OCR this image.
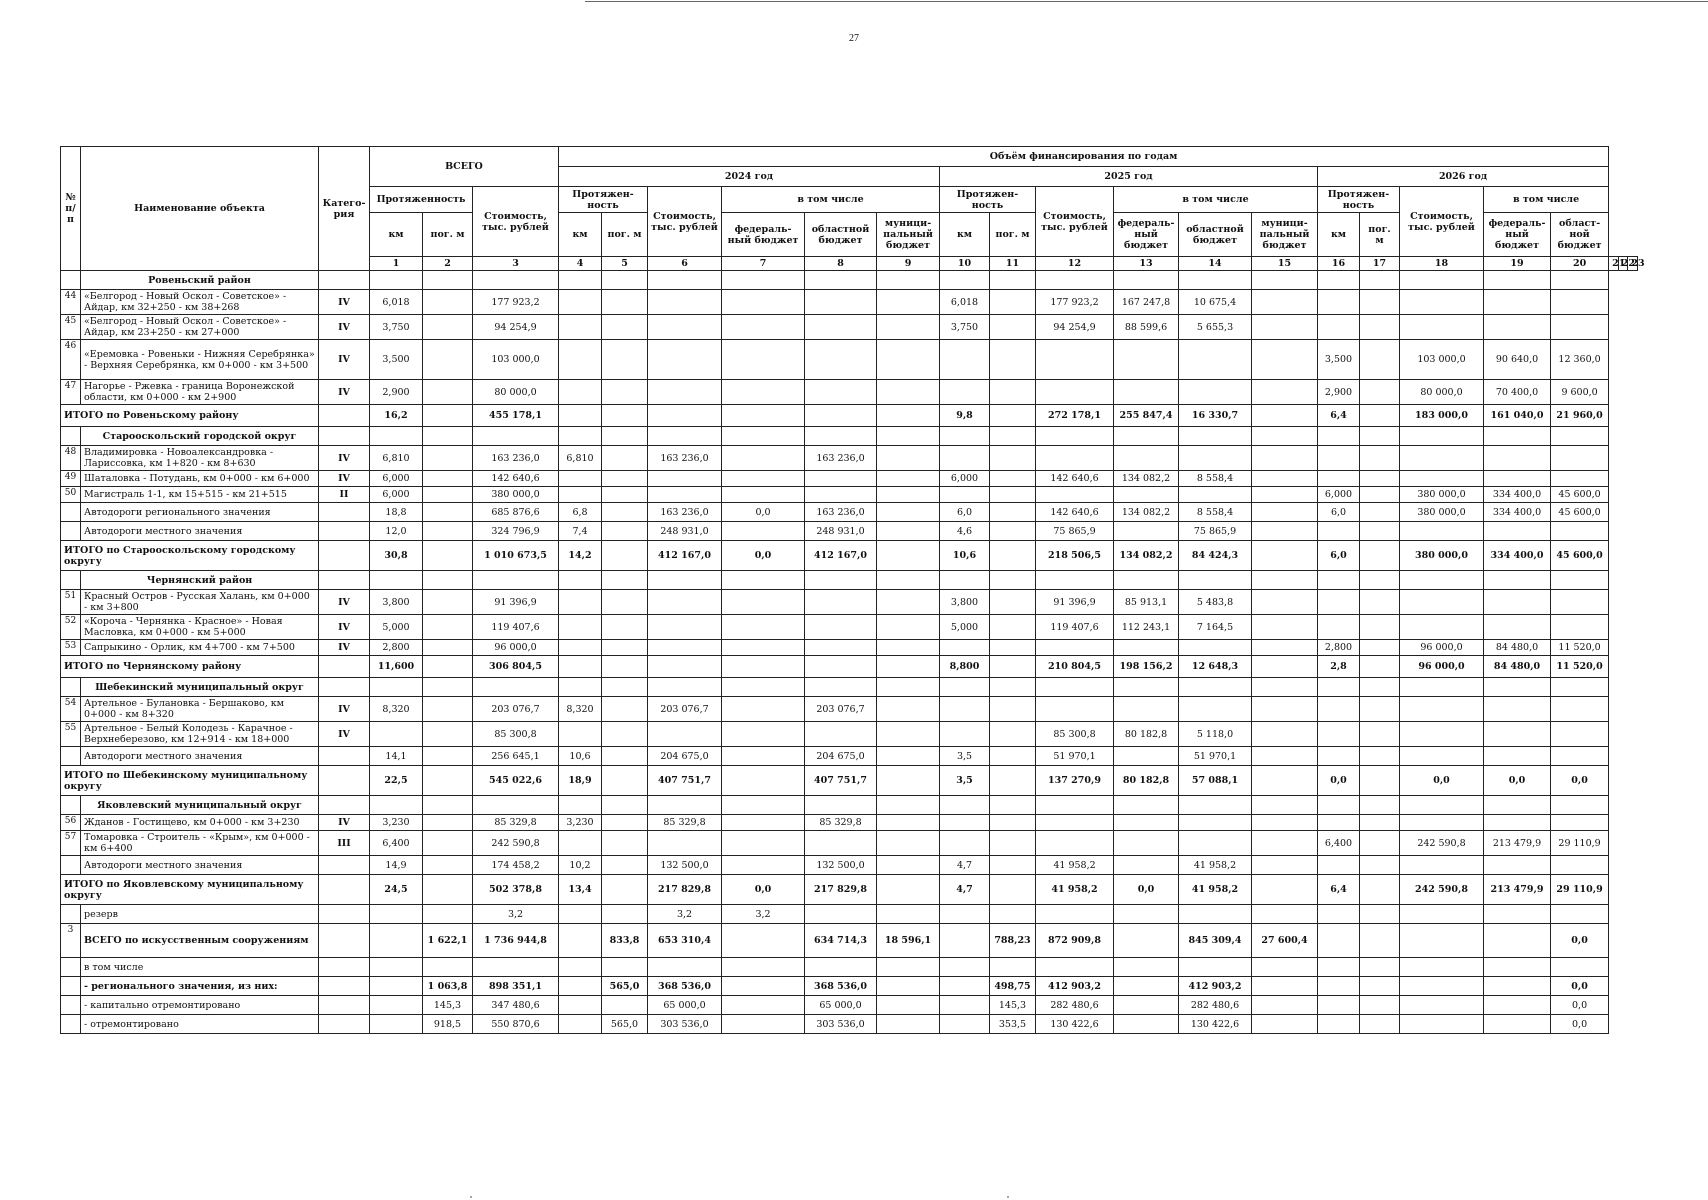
27
№ п/п	Наименование объекта	Катего-рия	ВСЕГО			Объём финансирования по годам																			
						2024 год						2025 год						2026 год							
			Протяженность		Стоимость, тыс. рублей	Протяжен-ность		Стоимость, тыс. рублей	в том числе			Протяжен-ность		Стоимость, тыс. рублей	в том числе			Протяжен-ность		Стоимость, тыс. рублей	в том числе				
			км	пог. м		км	пог. м		федераль-ный бюджет	областной бюджет	муници-пальный бюджет	км	пог. м		федераль-ный бюджет	областной бюджет	муници-пальный бюджет	км	пог. м		федераль-ный бюджет	област-ной бюджет			
			1	2	3	4	5	6	7	8	9	10	11	12	13	14	15	16	17	18	19	20	21	22	23
	Ровеньский район																								
44	«Белгород - Новый Оскол - Советское» - Айдар, км 32+250 - км 38+268	IV	6,018		177 923,2							6,018		177 923,2	167 247,8	10 675,4									
45	«Белгород - Новый Оскол - Советское» - Айдар, км 23+250 - км 27+000	IV	3,750		94 254,9							3,750		94 254,9	88 599,6	5 655,3									
46	«Еремовка - Ровеньки - Нижняя Серебрянка» - Верхняя Серебрянка, км 0+000 - км 3+500	IV	3,500		103 000,0													3,500		103 000,0	90 640,0	12 360,0			
47	Нагорье - Ржевка - граница Воронежской области, км 0+000 - км 2+900	IV	2,900		80 000,0													2,900		80 000,0	70 400,0	9 600,0			
ИТОГО по Ровеньскому району			16,2		455 178,1							9,8		272 178,1	255 847,4	16 330,7		6,4		183 000,0	161 040,0	21 960,0			
	Старооскольский городской округ																								
48	Владимировка - Новоалександровка - Лариссовка, км 1+820 - км 8+630	IV	6,810		163 236,0	6,810		163 236,0		163 236,0															
49	Шаталовка - Потудань, км 0+000 - км 6+000	IV	6,000		142 640,6							6,000		142 640,6	134 082,2	8 558,4									
50	Магистраль 1-1, км 15+515 - км 21+515	II	6,000		380 000,0													6,000		380 000,0	334 400,0	45 600,0			
	Автодороги регионального значения		18,8		685 876,6	6,8		163 236,0	0,0	163 236,0		6,0		142 640,6	134 082,2	8 558,4		6,0		380 000,0	334 400,0	45 600,0			
	Автодороги местного значения		12,0		324 796,9	7,4		248 931,0		248 931,0		4,6		75 865,9		75 865,9									
ИТОГО по Старооскольскому городскому округу			30,8		1 010 673,5	14,2		412 167,0	0,0	412 167,0		10,6		218 506,5	134 082,2	84 424,3		6,0		380 000,0	334 400,0	45 600,0			
	Чернянский район																								
51	Красный Остров - Русская Халань, км 0+000 - км 3+800	IV	3,800		91 396,9							3,800		91 396,9	85 913,1	5 483,8									
52	«Короча - Чернянка - Красное» - Новая Масловка, км 0+000 - км 5+000	IV	5,000		119 407,6							5,000		119 407,6	112 243,1	7 164,5									
53	Сапрыкино - Орлик, км 4+700 - км 7+500	IV	2,800		96 000,0													2,800		96 000,0	84 480,0	11 520,0			
ИТОГО по Чернянскому району			11,600		306 804,5							8,800		210 804,5	198 156,2	12 648,3		2,8		96 000,0	84 480,0	11 520,0			
	Шебекинский муниципальный округ																								
54	Артельное - Булановка - Бершаково, км 0+000 - км 8+320	IV	8,320		203 076,7	8,320		203 076,7		203 076,7															
55	Артельное - Белый Колодезь - Карачное - Верхнеберезово, км 12+914 - км 18+000	IV			85 300,8									85 300,8	80 182,8	5 118,0									
	Автодороги местного значения		14,1		256 645,1	10,6		204 675,0		204 675,0		3,5		51 970,1		51 970,1									
ИТОГО по Шебекинскому муниципальному округу			22,5		545 022,6	18,9		407 751,7		407 751,7		3,5		137 270,9	80 182,8	57 088,1		0,0		0,0	0,0	0,0			
	Яковлевский муниципальный округ																								
56	Жданов - Гостищево, км 0+000 - км 3+230	IV	3,230		85 329,8	3,230		85 329,8		85 329,8															
57	Томаровка - Строитель - «Крым», км 0+000 - км 6+400	III	6,400		242 590,8													6,400		242 590,8	213 479,9	29 110,9			
	Автодороги местного значения		14,9		174 458,2	10,2		132 500,0		132 500,0		4,7		41 958,2		41 958,2									
ИТОГО по Яковлевскому муниципальному округу			24,5		502 378,8	13,4		217 829,8	0,0	217 829,8		4,7		41 958,2	0,0	41 958,2		6,4		242 590,8	213 479,9	29 110,9			
	резерв				3,2			3,2	3,2																
3	ВСЕГО по искусственным сооружениям			1 622,1	1 736 944,8		833,8	653 310,4		634 714,3	18 596,1		788,23	872 909,8		845 309,4	27 600,4					0,0			
	в том числе																								
	- регионального значения, из них:			1 063,8	898 351,1		565,0	368 536,0		368 536,0			498,75	412 903,2		412 903,2						0,0			
	- капитально отремонтировано			145,3	347 480,6			65 000,0		65 000,0			145,3	282 480,6		282 480,6						0,0			
	- отремонтировано			918,5	550 870,6		565,0	303 536,0		303 536,0			353,5	130 422,6		130 422,6						0,0			
